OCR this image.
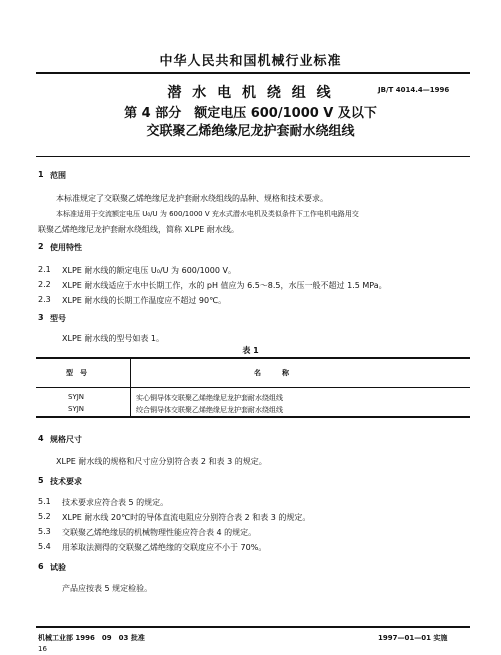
中华人民共和国机械行业标准
潜 水 电 机 绕 组 线	JB/T 4014.4—1996
第 4 部分　额定电压 600/1000 V 及以下
交联聚乙烯绝缘尼龙护套耐水绕组线
1 范围
本标准规定了交联聚乙烯绝缘尼龙护套耐水绕组线的品种、规格和技术要求。
本标准适用于交流额定电压 U₀/U 为 600/1000 V 充水式潜水电机及类似条件下工作电机电路用交
联聚乙烯绝缘尼龙护套耐水绕组线，简称 XLPE 耐水线。
2 使用特性
2.1 XLPE 耐水线的额定电压 U₀/U 为 600/1000 V。
2.2 XLPE 耐水线适应于水中长期工作，水的 pH 值应为 6.5～8.5，水压一般不超过 1.5 MPa。
2.3 XLPE 耐水线的长期工作温度应不超过 90℃。
3 型号
XLPE 耐水线的型号如表 1。
表 1
型　号	名　　　称
SYJN	实心铜导体交联聚乙烯绝缘尼龙护套耐水绕组线
SYJN	绞合铜导体交联聚乙烯绝缘尼龙护套耐水绕组线
4 规格尺寸
XLPE 耐水线的规格和尺寸应分别符合表 2 和表 3 的规定。
5 技术要求
5.1 技术要求应符合表 5 的规定。
5.2 XLPE 耐水线 20℃时的导体直流电阻应分别符合表 2 和表 3 的规定。
5.3 交联聚乙烯绝缘层的机械物理性能应符合表 4 的规定。
5.4 用苯取法测得的交联聚乙烯绝缘的交联度应不小于 70%。
6 试验
产品应按表 5 规定检验。
机械工业部 1996　09　03 批准	1997—01—01 实施
16
